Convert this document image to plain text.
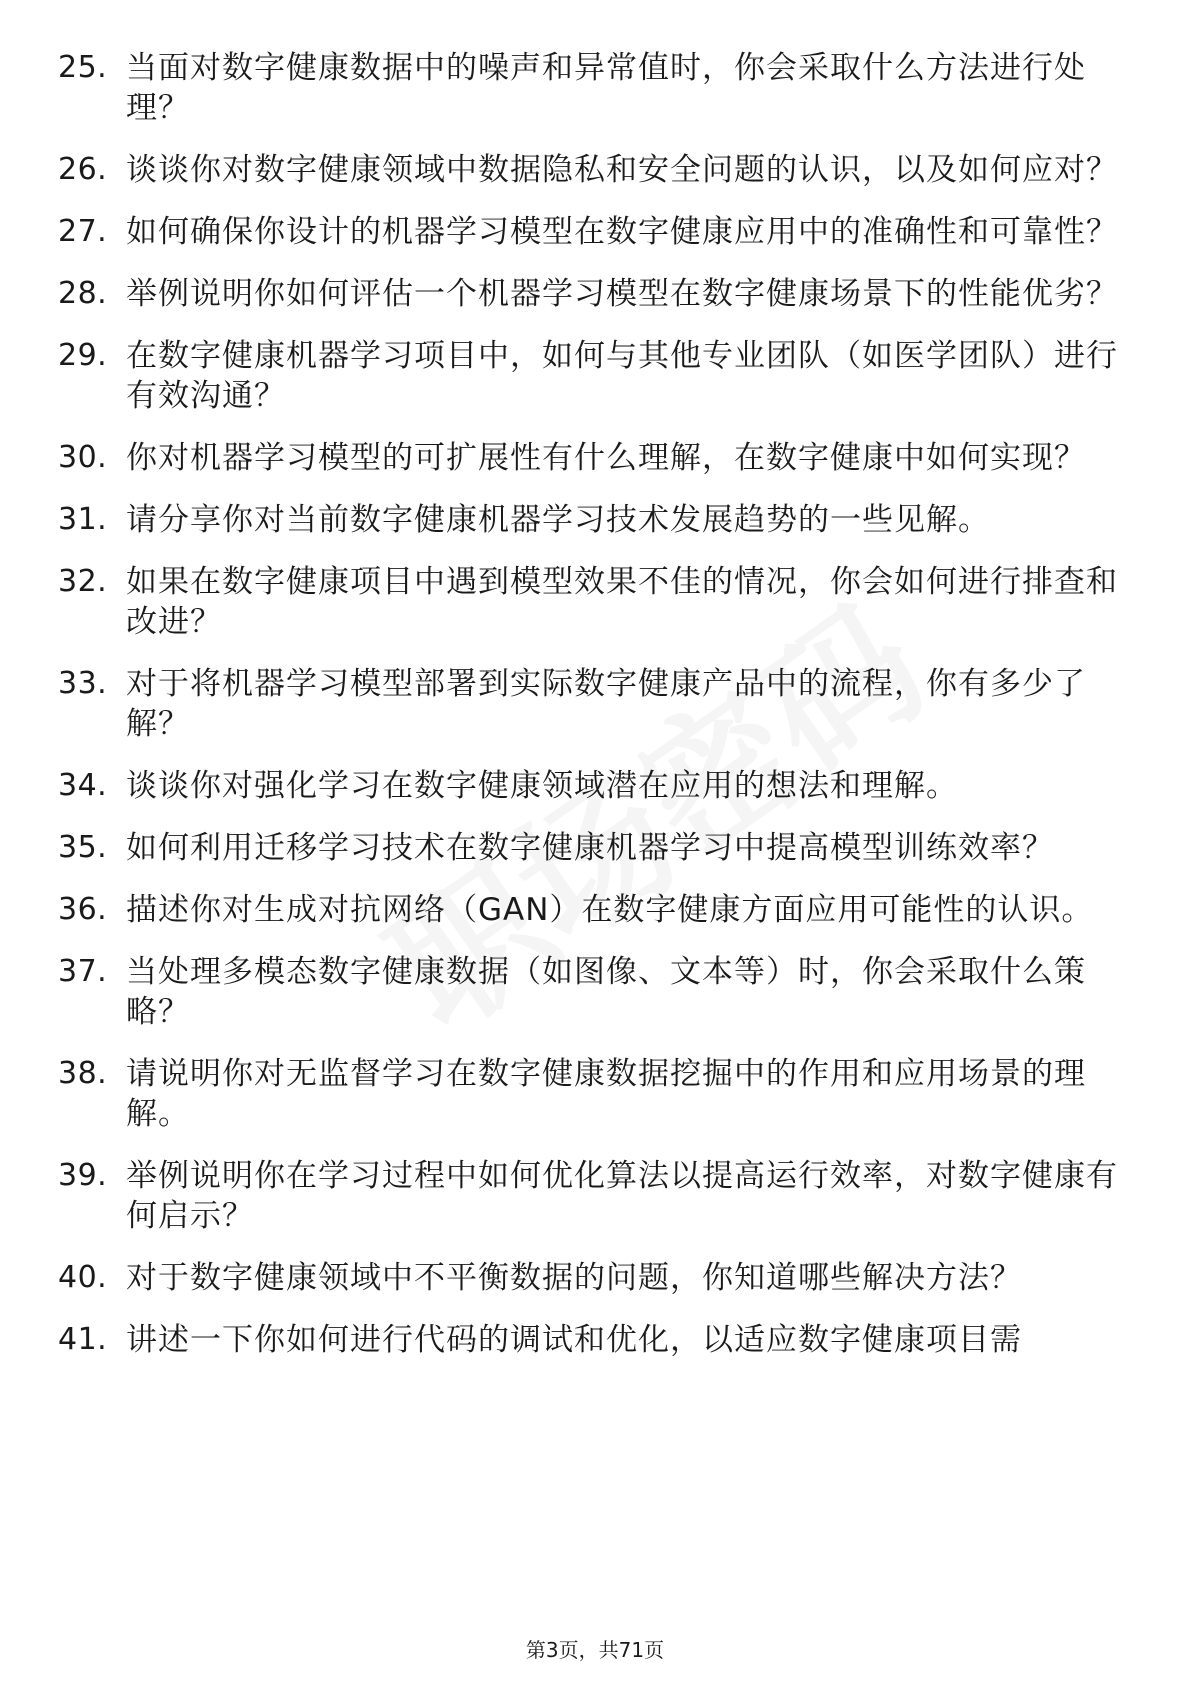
25. 当面对数字健康数据中的噪声和异常值时，你会采取什么方法进行处理？
26. 谈谈你对数字健康领域中数据隐私和安全问题的认识，以及如何应对？
27. 如何确保你设计的机器学习模型在数字健康应用中的准确性和可靠性？
28. 举例说明你如何评估一个机器学习模型在数字健康场景下的性能优劣？
29. 在数字健康机器学习项目中，如何与其他专业团队（如医学团队）进行有效沟通？
30. 你对机器学习模型的可扩展性有什么理解，在数字健康中如何实现？
31. 请分享你对当前数字健康机器学习技术发展趋势的一些见解。
32. 如果在数字健康项目中遇到模型效果不佳的情况，你会如何进行排查和改进？
33. 对于将机器学习模型部署到实际数字健康产品中的流程，你有多少了解？
34. 谈谈你对强化学习在数字健康领域潜在应用的想法和理解。
35. 如何利用迁移学习技术在数字健康机器学习中提高模型训练效率？
36. 描述你对生成对抗网络（GAN）在数字健康方面应用可能性的认识。
37. 当处理多模态数字健康数据（如图像、文本等）时，你会采取什么策略？
38. 请说明你对无监督学习在数字健康数据挖掘中的作用和应用场景的理解。
39. 举例说明你在学习过程中如何优化算法以提高运行效率，对数字健康有何启示？
40. 对于数字健康领域中不平衡数据的问题，你知道哪些解决方法？
41. 讲述一下你如何进行代码的调试和优化，以适应数字健康项目需
第3页，共71页
